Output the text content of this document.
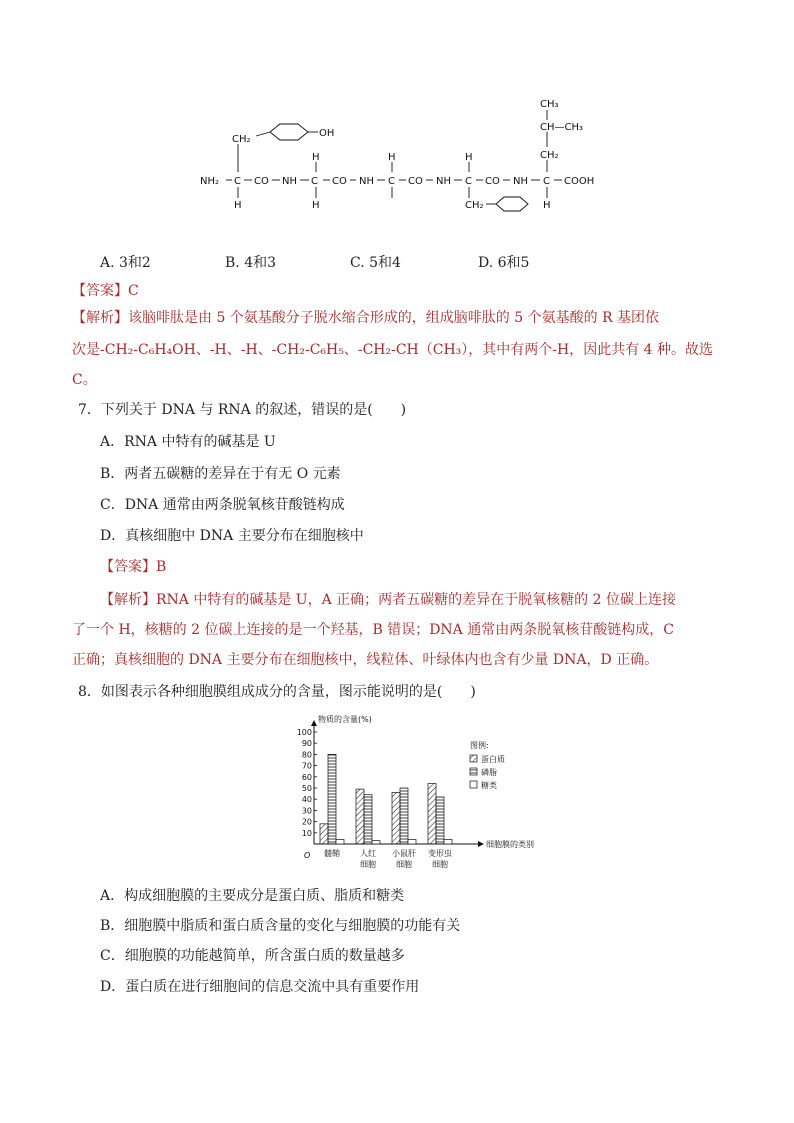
CH₃
CH—CH₃
CH₂
CH₂
OH
H	H	H
NH₂ C CO NH C CO NH C CO NH C CO NH C COOH
H	H	H
CH₂
A. 3和2	B. 4和3	C. 5和4	D. 6和5
【答案】C
【解析】该脑啡肽是由 5 个氨基酸分子脱水缩合形成的，组成脑啡肽的 5 个氨基酸的 R 基团依
次是-CH₂-C₆H₄OH、-H、-H、-CH₂-C₆H₅、-CH₂-CH（CH₃），其中有两个-H，因此共有 4 种。故选
C。
7．下列关于 DNA 与 RNA 的叙述，错误的是(　　)
A．RNA 中特有的碱基是 U
B．两者五碳糖的差异在于有无 O 元素
C．DNA 通常由两条脱氧核苷酸链构成
D．真核细胞中 DNA 主要分布在细胞核中
【答案】B
【解析】RNA 中特有的碱基是 U，A 正确；两者五碳糖的差异在于脱氧核糖的 2 位碳上连接
了一个 H，核糖的 2 位碳上连接的是一个羟基，B 错误；DNA 通常由两条脱氧核苷酸链构成，C
正确；真核细胞的 DNA 主要分布在细胞核中，线粒体、叶绿体内也含有少量 DNA，D 正确。
8．如图表示各种细胞膜组成成分的含量，图示能说明的是(　　)
10
20
30
40
50
60
70
80
90
100
O
物质的含量(%)
细胞膜的类别
髓鞘	人红
细胞
小鼠肝
细胞
变形虫
细胞
图例:
蛋白质
磷脂
糖类
A．构成细胞膜的主要成分是蛋白质、脂质和糖类
B．细胞膜中脂质和蛋白质含量的变化与细胞膜的功能有关
C．细胞膜的功能越简单，所含蛋白质的数量越多
D．蛋白质在进行细胞间的信息交流中具有重要作用
